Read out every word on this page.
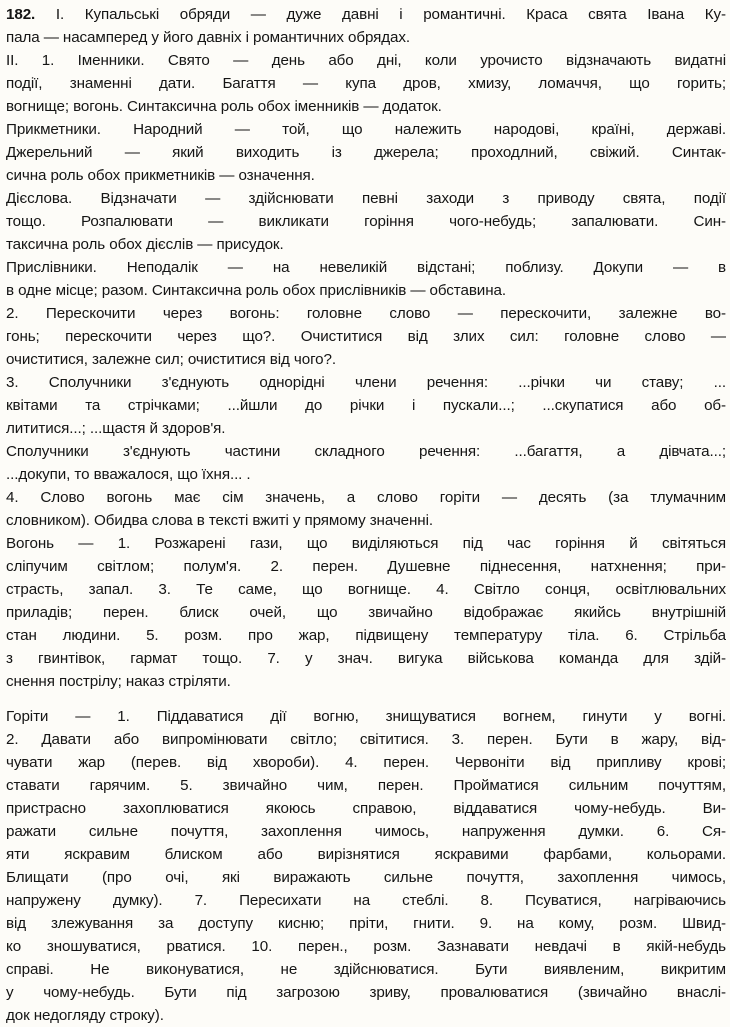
182. I. Купальські обряди — дуже давні і романтичні. Краса свята Івана Ку-
пала — насамперед у його давніх і романтичних обрядах.
II. 1. Іменники. Свято — день або дні, коли урочисто відзначають видатні
події, знаменні дати. Багаття — купа дров, хмизу, ломаччя, що горить;
вогнище; вогонь. Синтаксична роль обох іменників — додаток.
Прикметники. Народний — той, що належить народові, країні, державі.
Джерельний — який виходить із джерела; проходлний, свіжий. Синтак-
сична роль обох прикметників — означення.
Дієслова. Відзначати — здійснювати певні заходи з приводу свята, події
тощо. Розпалювати — викликати горіння чого-небудь; запалювати. Син-
таксична роль обох дієслів — присудок.
Прислівники. Неподалік — на невеликій відстані; поблизу. Докупи — в
в одне місце; разом. Синтаксична роль обох прислівників — обставина.
2. Перескочити через вогонь: головне слово — перескочити, залежне во-
гонь; перескочити через що?. Очиститися від злих сил: головне слово —
очиститися, залежне сил; очиститися від чого?.
3. Сполучники з'єднують однорідні члени речення: ...річки чи ставу; ...
квітами та стрічками; ...йшли до річки і пускали...; ...скупатися або об-
лититися...; ...щастя й здоров'я.
Сполучники з'єднують частини складного речення: ...багаття, а дівчата...;
...докупи, то вважалося, що їхня... .
4. Слово вогонь має сім значень, а слово горіти — десять (за тлумачним
словником). Обидва слова в тексті вжиті у прямому значенні.
Вогонь — 1. Розжарені гази, що виділяються під час горіння й світяться
сліпучим світлом; полум'я. 2. перен. Душевне піднесення, натхнення; при-
страсть, запал. 3. Те саме, що вогнище. 4. Світло сонця, освітлювальних
приладів; перен. блиск очей, що звичайно відображає якийсь внутрішній
стан людини. 5. розм. про жар, підвищену температуру тіла. 6. Стрільба
з гвинтівок, гармат тощо. 7. у знач. вигука військова команда для здій-
снення пострілу; наказ стріляти.
Горіти — 1. Піддаватися дії вогню, знищуватися вогнем, гинути у вогні.
2. Давати або випромінювати світло; світитися. 3. перен. Бути в жару, від-
чувати жар (перев. від хвороби). 4. перен. Червоніти від припливу крові;
ставати гарячим. 5. звичайно чим, перен. Пройматися сильним почуттям,
пристрасно захоплюватися якоюсь справою, віддаватися чому-небудь. Ви-
ражати сильне почуття, захоплення чимось, напруження думки. 6. Ся-
яти яскравим блиском або вирізнятися яскравими фарбами, кольорами.
Блищати (про очі, які виражають сильне почуття, захоплення чимось,
напружену думку). 7. Пересихати на стеблі. 8. Псуватися, нагріваючись
від злежування за доступу кисню; пріти, гнити. 9. на кому, розм. Швид-
ко зношуватися, рватися. 10. перен., розм. Зазнавати невдачі в якій-небудь
справі. Не виконуватися, не здійснюватися. Бути виявленим, викритим
у чому-небудь. Бути під загрозою зриву, провалюватися (звичайно внаслі-
док недогляду строку).
